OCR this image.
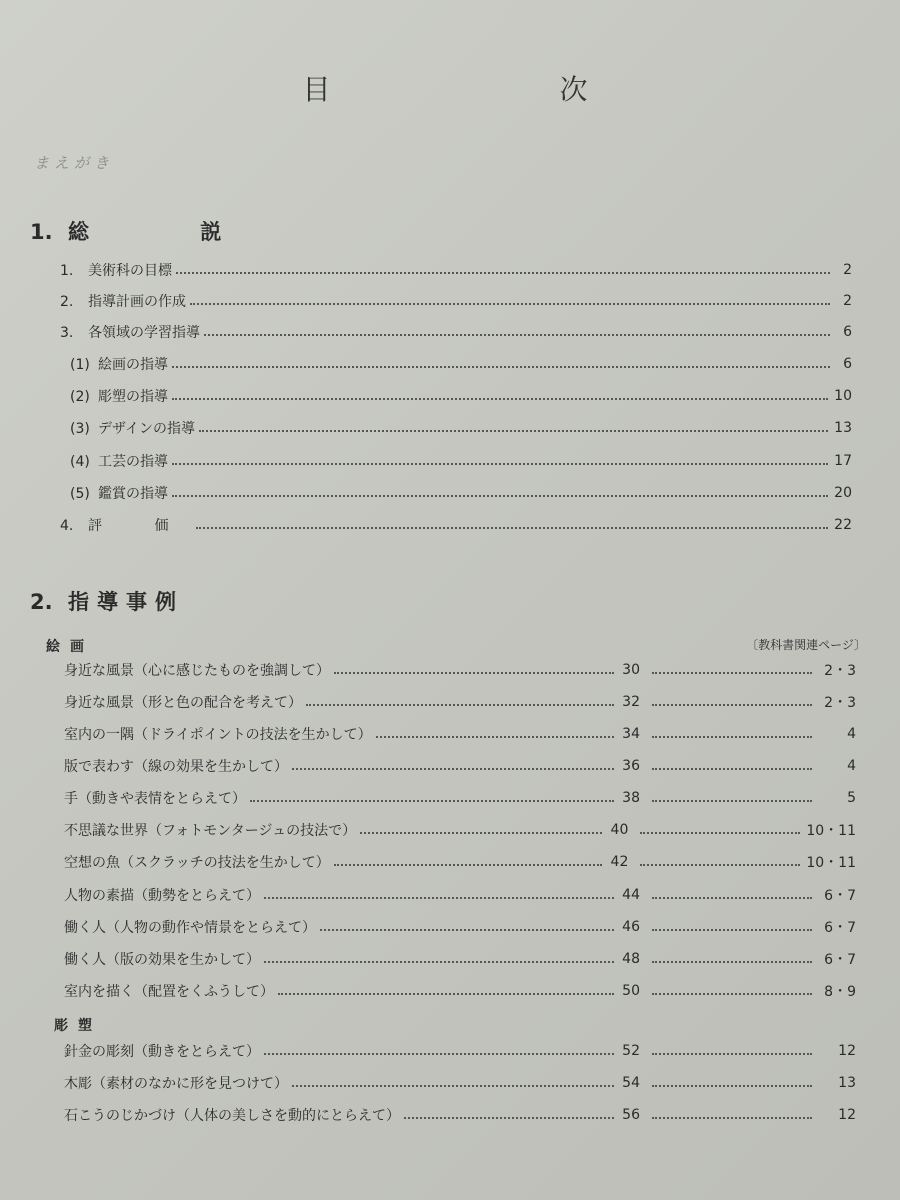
目 次
まえがき
1. 総 説
1. 美術科の目標	2
2. 指導計画の作成	2
3. 各領域の学習指導	6
(1) 絵画の指導	6
(2) 彫塑の指導	10
(3) デザインの指導	13
(4) 工芸の指導	17
(5) 鑑賞の指導	20
4. 評 価	22
2. 指導事例
絵画	〔教科書関連ページ〕
身近な風景（心に感じたものを強調して）	30	2・3
身近な風景（形と色の配合を考えて）	32	2・3
室内の一隅（ドライポイントの技法を生かして）	34	4
版で表わす（線の効果を生かして）	36	4
手（動きや表情をとらえて）	38	5
不思議な世界（フォトモンタージュの技法で）	40	10・11
空想の魚（スクラッチの技法を生かして）	42	10・11
人物の素描（動勢をとらえて）	44	6・7
働く人（人物の動作や情景をとらえて）	46	6・7
働く人（版の効果を生かして）	48	6・7
室内を描く（配置をくふうして）	50	8・9
彫塑
針金の彫刻（動きをとらえて）	52	12
木彫（素材のなかに形を見つけて）	54	13
石こうのじかづけ（人体の美しさを動的にとらえて）	56	12
